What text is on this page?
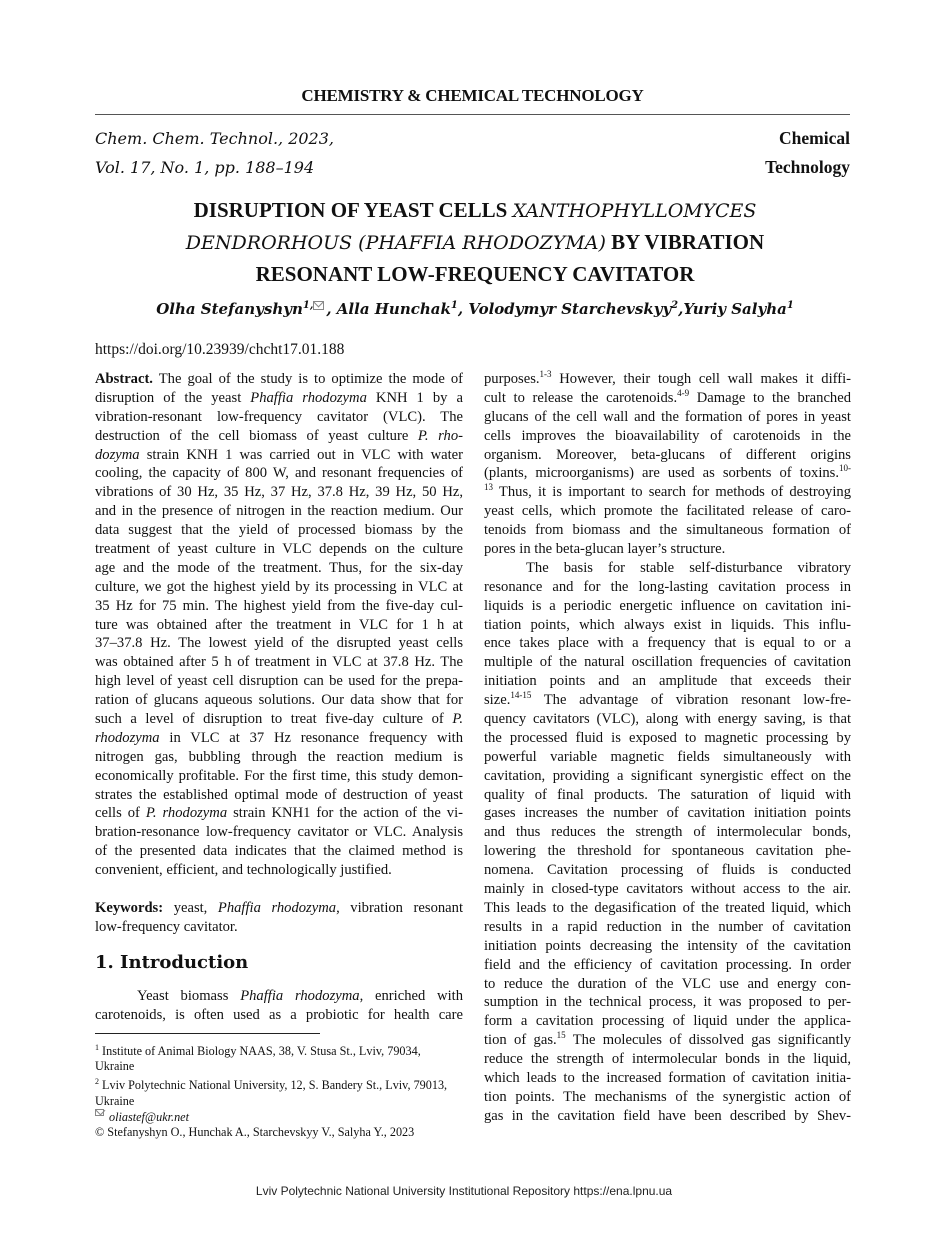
CHEMISTRY & CHEMICAL TECHNOLOGY
Chem. Chem. Technol., 2023,
Vol. 17, No. 1, pp. 188–194
Chemical
Technology
DISRUPTION OF YEAST CELLS XANTHOPHYLLOMYCES
DENDRORHOUS (PHAFFIA RHODOZYMA) BY VIBRATION
RESONANT LOW-FREQUENCY CAVITATOR
Olha Stefanyshyn$^{1,}$ , Alla Hunchak$^1$, Volodymyr Starchevskyy$^2$,Yuriy Salyha$^1$
https://doi.org/10.23939/chcht17.01.188
Abstract. The goal of the study is to optimize the mode of
disruption of the yeast Phaffia rhodozyma KNH 1 by a
vibration-resonant low-frequency cavitator (VLC). The
destruction of the cell biomass of yeast culture P. rho-
dozyma strain KNH 1 was carried out in VLC with water
cooling, the capacity of 800 W, and resonant frequencies of
vibrations of 30 Hz, 35 Hz, 37 Hz, 37.8 Hz, 39 Hz, 50 Hz,
and in the presence of nitrogen in the reaction medium. Our
data suggest that the yield of processed biomass by the
treatment of yeast culture in VLC depends on the culture
age and the mode of the treatment. Thus, for the six-day
culture, we got the highest yield by its processing in VLC at
35 Hz for 75 min. The highest yield from the five-day cul-
ture was obtained after the treatment in VLC for 1 h at
37–37.8 Hz. The lowest yield of the disrupted yeast cells
was obtained after 5 h of treatment in VLC at 37.8 Hz. The
high level of yeast cell disruption can be used for the prepa-
ration of glucans aqueous solutions. Our data show that for
such a level of disruption to treat five-day culture of P.
rhodozyma in VLC at 37 Hz resonance frequency with
nitrogen gas, bubbling through the reaction medium is
economically profitable. For the first time, this study demon-
strates the established optimal mode of destruction of yeast
cells of P. rhodozyma strain KNH1 for the action of the vi-
bration-resonance low-frequency cavitator or VLC. Analysis
of the presented data indicates that the claimed method is
convenient, efficient, and technologically justified.
Keywords: yeast, Phaffia rhodozyma, vibration resonant
low-frequency cavitator.
1. Introduction
Yeast biomass Phaffia rhodozyma, enriched with
carotenoids, is often used as a probiotic for health care
$^1$ Institute of Animal Biology NAAS, 38, V. Stusa St., Lviv, 79034,
Ukraine
$^2$ Lviv Polytechnic National University, 12, S. Bandery St., Lviv, 79013,
Ukraine
oliastef@ukr.net
© Stefanyshyn O., Hunchak A., Starchevskyy V., Salyha Y., 2023
purposes.$^{1-3}$ However, their tough cell wall makes it diffi-
cult to release the carotenoids.$^{4-9}$ Damage to the branched
glucans of the cell wall and the formation of pores in yeast
cells improves the bioavailability of carotenoids in the
organism. Moreover, beta-glucans of different origins
(plants, microorganisms) are used as sorbents of toxins.$^{10-}$
$^{13}$ Thus, it is important to search for methods of destroying
yeast cells, which promote the facilitated release of caro-
tenoids from biomass and the simultaneous formation of
pores in the beta-glucan layer’s structure.
The basis for stable self-disturbance vibratory
resonance and for the long-lasting cavitation process in
liquids is a periodic energetic influence on cavitation ini-
tiation points, which always exist in liquids. This influ-
ence takes place with a frequency that is equal to or a
multiple of the natural oscillation frequencies of cavitation
initiation points and an amplitude that exceeds their
size.$^{14-15}$ The advantage of vibration resonant low-fre-
quency cavitators (VLC), along with energy saving, is that
the processed fluid is exposed to magnetic processing by
powerful variable magnetic fields simultaneously with
cavitation, providing a significant synergistic effect on the
quality of final products. The saturation of liquid with
gases increases the number of cavitation initiation points
and thus reduces the strength of intermolecular bonds,
lowering the threshold for spontaneous cavitation phe-
nomena. Cavitation processing of fluids is conducted
mainly in closed-type cavitators without access to the air.
This leads to the degasification of the treated liquid, which
results in a rapid reduction in the number of cavitation
initiation points decreasing the intensity of the cavitation
field and the efficiency of cavitation processing. In order
to reduce the duration of the VLC use and energy con-
sumption in the technical process, it was proposed to per-
form a cavitation processing of liquid under the applica-
tion of gas.$^{15}$ The molecules of dissolved gas significantly
reduce the strength of intermolecular bonds in the liquid,
which leads to the increased formation of cavitation initia-
tion points. The mechanisms of the synergistic action of
gas in the cavitation field have been described by Shev-
Lviv Polytechnic National University Institutional Repository https://ena.lpnu.ua
